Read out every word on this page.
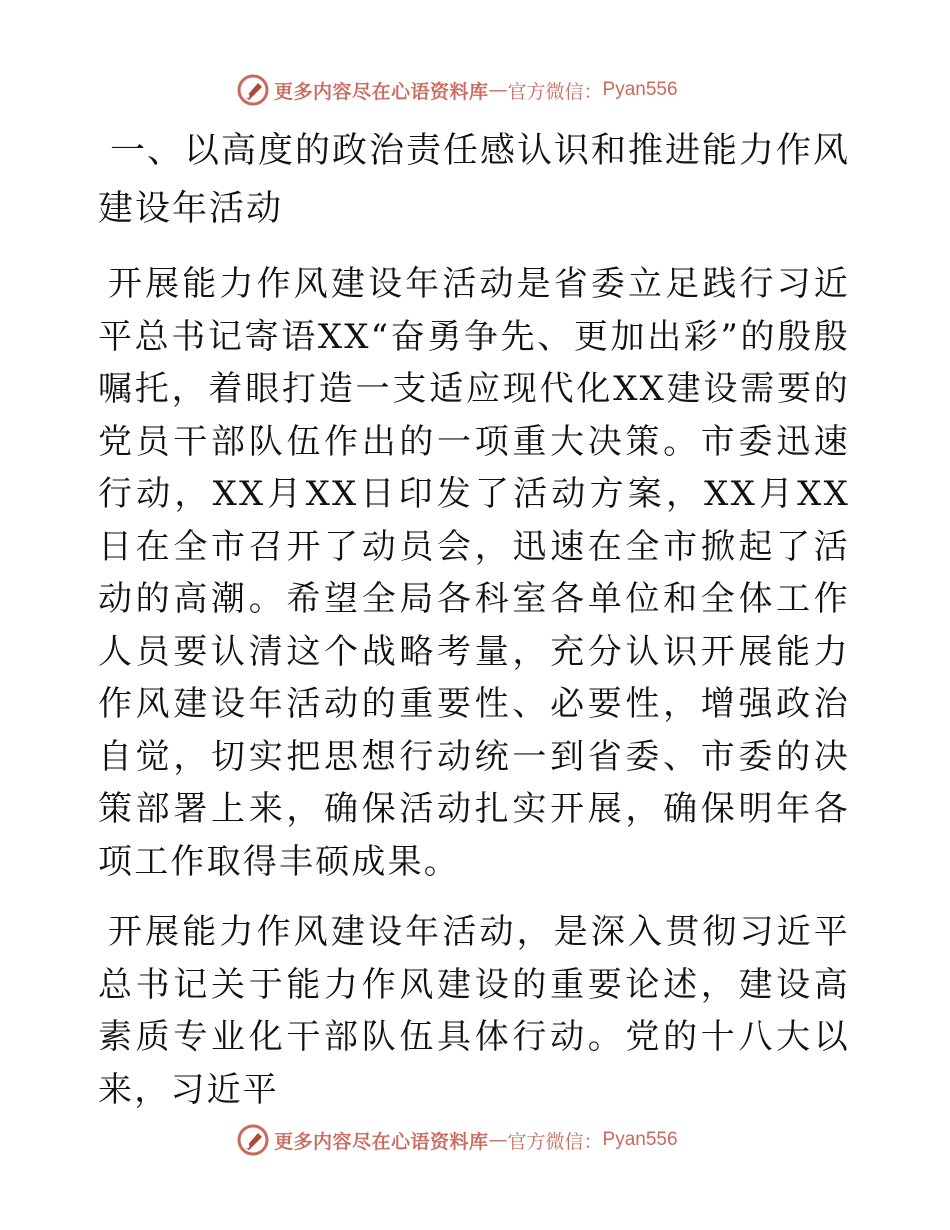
更多内容尽在心语资料库 — 官方微信： Pyan556
一、以高度的政治责任感认识和推进能力作风建设年活动

开展能力作风建设年活动是省委立足践行习近平总书记寄语XX“奋勇争先、更加出彩”的殷殷嘱托，着眼打造一支适应现代化XX建设需要的党员干部队伍作出的一项重大决策。市委迅速行动，XX月XX日印发了活动方案，XX月XX日在全市召开了动员会，迅速在全市掀起了活动的高潮。希望全局各科室各单位和全体工作人员要认清这个战略考量，充分认识开展能力作风建设年活动的重要性、必要性，增强政治自觉，切实把思想行动统一到省委、市委的决策部署上来，确保活动扎实开展，确保明年各项工作取得丰硕成果。

开展能力作风建设年活动，是深入贯彻习近平总书记关于能力作风建设的重要论述，建设高素质专业化干部队伍具体行动。党的十八大以来，习近平

更多内容尽在心语资料库 — 官方微信： Pyan556
